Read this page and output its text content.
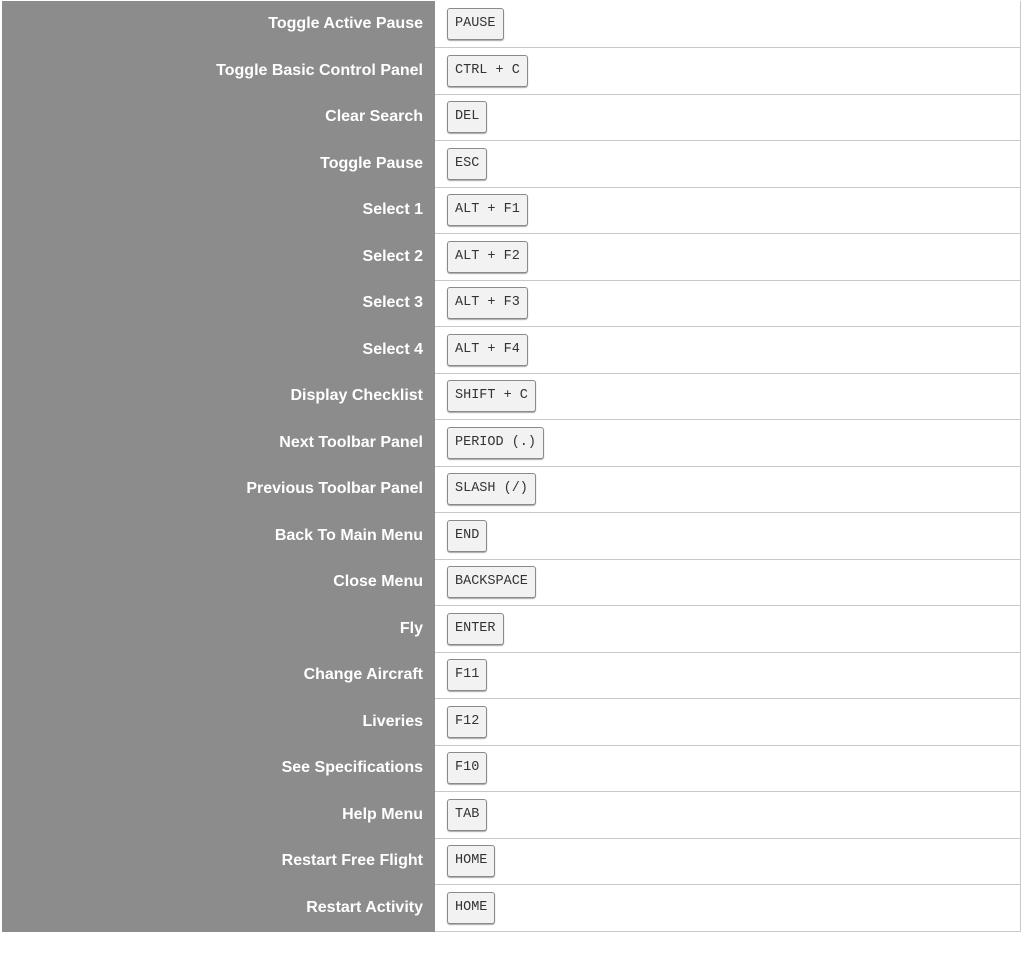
Toggle Active Pause	PAUSE
Toggle Basic Control Panel	CTRL + C
Clear Search	DEL
Toggle Pause	ESC
Select 1	ALT + F1
Select 2	ALT + F2
Select 3	ALT + F3
Select 4	ALT + F4
Display Checklist	SHIFT + C
Next Toolbar Panel	PERIOD (.)
Previous Toolbar Panel	SLASH (/)
Back To Main Menu	END
Close Menu	BACKSPACE
Fly	ENTER
Change Aircraft	F11
Liveries	F12
See Specifications	F10
Help Menu	TAB
Restart Free Flight	HOME
Restart Activity	HOME
